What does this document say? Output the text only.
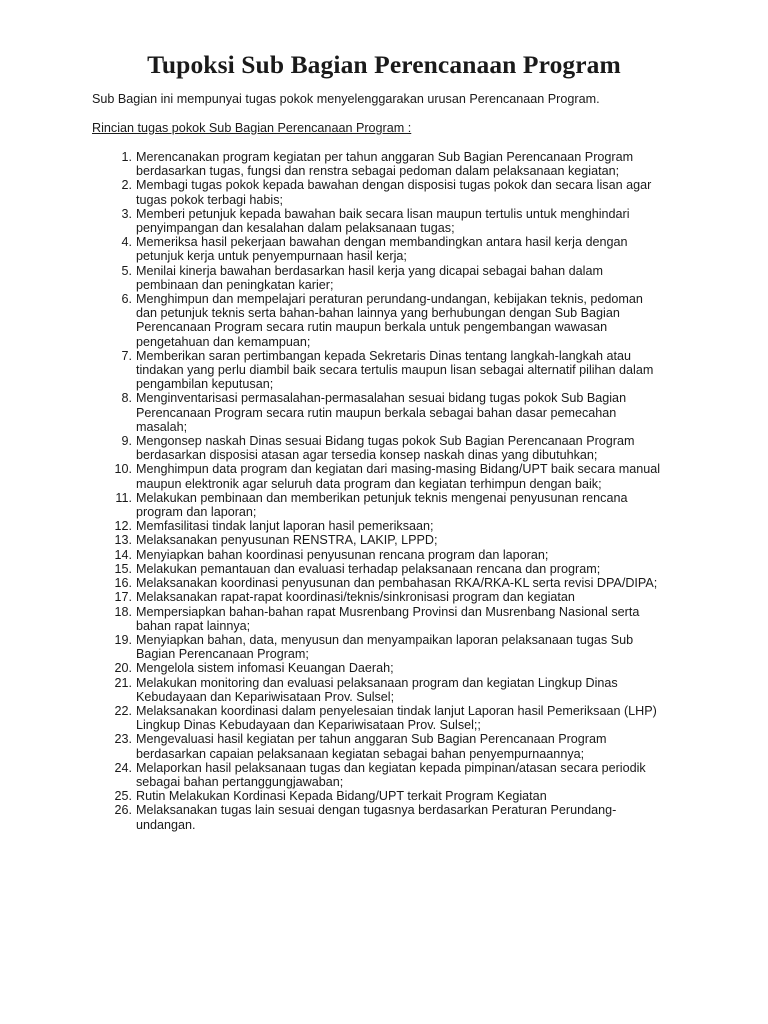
Tupoksi Sub Bagian Perencanaan Program

Sub Bagian ini mempunyai tugas pokok menyelenggarakan urusan Perencanaan Program.

Rincian tugas pokok Sub Bagian Perencanaan Program :

1. Merencanakan program kegiatan per tahun anggaran Sub Bagian Perencanaan Program
berdasarkan tugas, fungsi dan renstra sebagai pedoman dalam pelaksanaan kegiatan;
2. Membagi tugas pokok kepada bawahan dengan disposisi tugas pokok dan secara lisan agar
tugas pokok terbagi habis;
3. Memberi petunjuk kepada bawahan baik secara lisan maupun tertulis untuk menghindari
penyimpangan dan kesalahan dalam pelaksanaan tugas;
4. Memeriksa hasil pekerjaan bawahan dengan membandingkan antara hasil kerja dengan
petunjuk kerja untuk penyempurnaan hasil kerja;
5. Menilai kinerja bawahan berdasarkan hasil kerja yang dicapai sebagai bahan dalam
pembinaan dan peningkatan karier;
6. Menghimpun dan mempelajari peraturan perundang-undangan, kebijakan teknis, pedoman
dan petunjuk teknis serta bahan-bahan lainnya yang berhubungan dengan Sub Bagian
Perencanaan Program secara rutin maupun berkala untuk pengembangan wawasan
pengetahuan dan kemampuan;
7. Memberikan saran pertimbangan kepada Sekretaris Dinas tentang langkah-langkah atau
tindakan yang perlu diambil baik secara tertulis maupun lisan sebagai alternatif pilihan dalam
pengambilan keputusan;
8. Menginventarisasi permasalahan-permasalahan sesuai bidang tugas pokok Sub Bagian
Perencanaan Program secara rutin maupun berkala sebagai bahan dasar pemecahan
masalah;
9. Mengonsep naskah Dinas sesuai Bidang tugas pokok Sub Bagian Perencanaan Program
berdasarkan disposisi atasan agar tersedia konsep naskah dinas yang dibutuhkan;
10. Menghimpun data program dan kegiatan dari masing-masing Bidang/UPT baik secara manual
maupun elektronik agar seluruh data program dan kegiatan terhimpun dengan baik;
11. Melakukan pembinaan dan memberikan petunjuk teknis mengenai penyusunan rencana
program dan laporan;
12. Memfasilitasi tindak lanjut laporan hasil pemeriksaan;
13. Melaksanakan penyusunan RENSTRA, LAKIP, LPPD;
14. Menyiapkan bahan koordinasi penyusunan rencana program dan laporan;
15. Melakukan pemantauan dan evaluasi terhadap pelaksanaan rencana dan program;
16. Melaksanakan koordinasi penyusunan dan pembahasan RKA/RKA-KL serta revisi DPA/DIPA;
17. Melaksanakan rapat-rapat koordinasi/teknis/sinkronisasi program dan kegiatan
18. Mempersiapkan bahan-bahan rapat Musrenbang Provinsi dan Musrenbang Nasional serta
bahan rapat lainnya;
19. Menyiapkan bahan, data, menyusun dan menyampaikan laporan pelaksanaan tugas Sub
Bagian Perencanaan Program;
20. Mengelola sistem infomasi Keuangan Daerah;
21. Melakukan monitoring dan evaluasi pelaksanaan program dan kegiatan Lingkup Dinas
Kebudayaan dan Kepariwisataan Prov. Sulsel;
22. Melaksanakan koordinasi dalam penyelesaian tindak lanjut Laporan hasil Pemeriksaan (LHP)
Lingkup Dinas Kebudayaan dan Kepariwisataan Prov. Sulsel;;
23. Mengevaluasi hasil kegiatan per tahun anggaran Sub Bagian Perencanaan Program
berdasarkan capaian pelaksanaan kegiatan sebagai bahan penyempurnaannya;
24. Melaporkan hasil pelaksanaan tugas dan kegiatan kepada pimpinan/atasan secara periodik
sebagai bahan pertanggungjawaban;
25. Rutin Melakukan Kordinasi Kepada Bidang/UPT terkait Program Kegiatan
26. Melaksanakan tugas lain sesuai dengan tugasnya berdasarkan Peraturan Perundang-
undangan.
